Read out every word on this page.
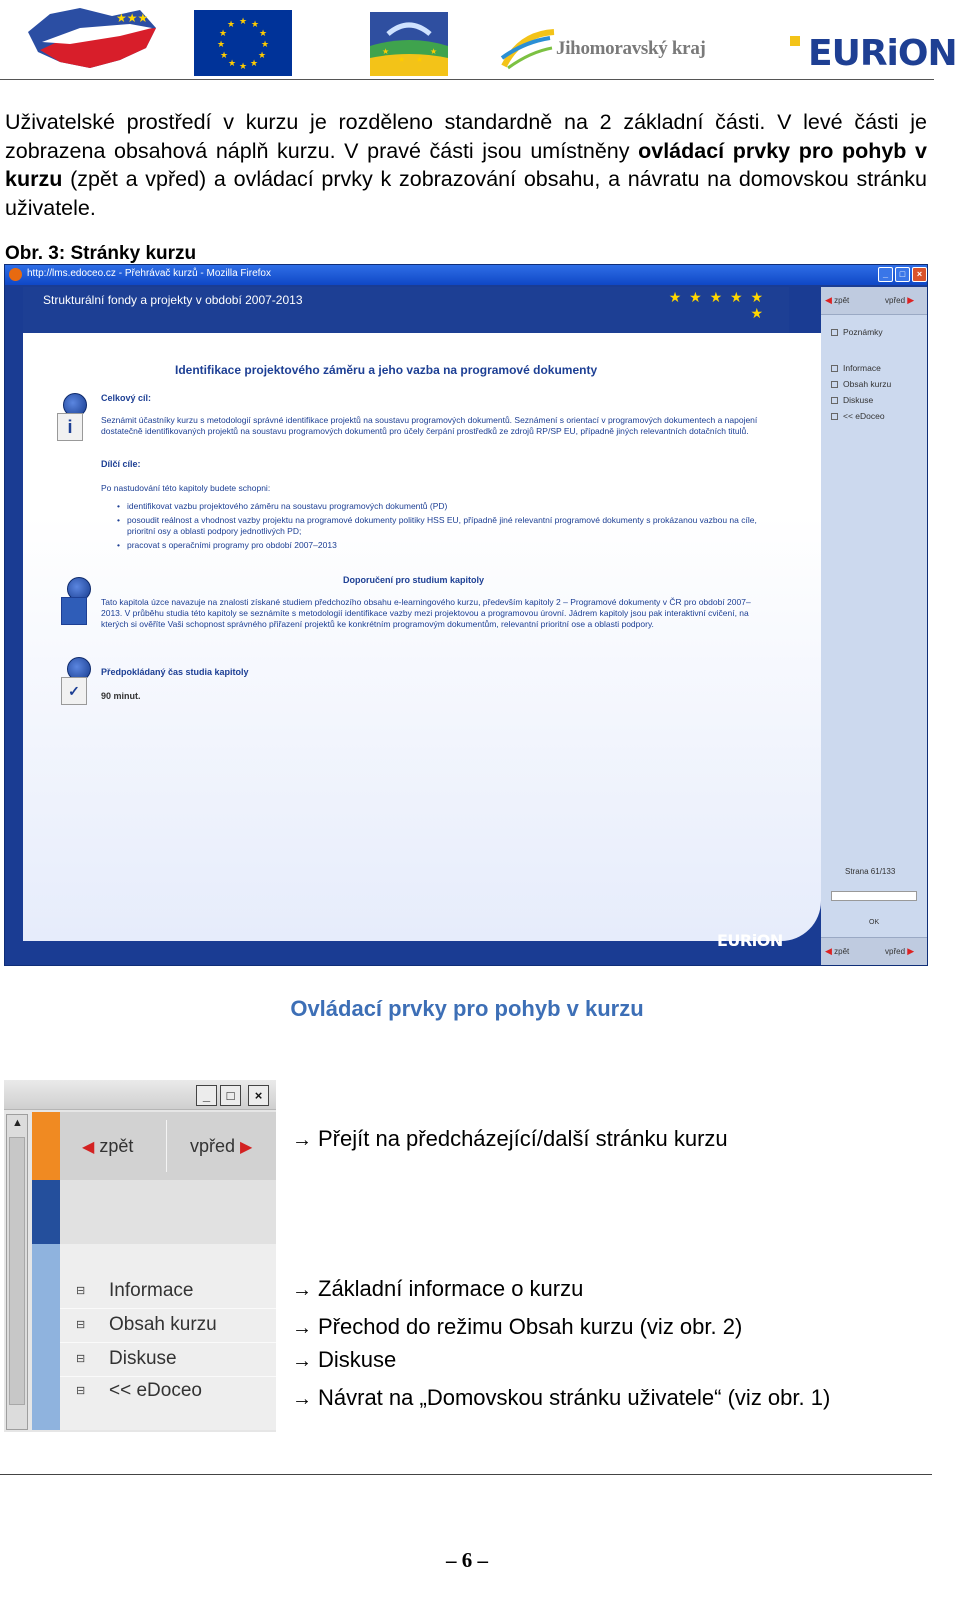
★★★	★ ★
★
★
★
★
★
★
★
★
★
★
★
★ ★
★	Jihomoravský kraj	EURiON

Uživatelské prostředí v kurzu je rozděleno standardně na 2 základní části. V levé části je zobrazena obsahová náplň kurzu. V pravé části jsou umístněny ovládací prvky pro pohyb v kurzu (zpět a vpřed) a ovládací prvky k zobrazování obsahu, a návratu na domovskou stránku uživatele.

Obr. 3: Stránky kurzu
http://lms.edoceo.cz - Přehrávač kurzů - Mozilla Firefox	_	□	×
Strukturální fondy a projekty v období 2007-2013	★ ★ ★ ★ ★ ★
Identifikace projektového záměru a jeho vazba na programové dokumenty
i
Celkový cíl:
Seznámit účastníky kurzu s metodologií správné identifikace projektů na soustavu programových dokumentů. Seznámení s orientací v programových dokumentech a napojení dostatečně identifikovaných projektů na soustavu programových dokumentů pro účely čerpání prostředků ze zdrojů RP/SP EU, případně jiných relevantních dotačních titulů.
Dílčí cíle:
Po nastudování této kapitoly budete schopni:
• identifikovat vazbu projektového záměru na soustavu programových dokumentů (PD)
• posoudit reálnost a vhodnost vazby projektu na programové dokumenty politiky HSS EU, případně jiné relevantní programové dokumenty s prokázanou vazbou na cíle, prioritní osy a oblasti podpory jednotlivých PD;
• pracovat s operačními programy pro období 2007–2013
Doporučení pro studium kapitoly
Tato kapitola úzce navazuje na znalosti získané studiem předchozího obsahu e-learningového kurzu, především kapitoly 2 – Programové dokumenty v ČR pro období 2007–2013. V průběhu studia této kapitoly se seznámíte s metodologií identifikace vazby mezi projektovou a programovou úrovní. Jádrem kapitoly jsou pak interaktivní cvičení, na kterých si ověříte Vaši schopnost správného přiřazení projektů ke konkrétním programovým dokumentům, relevantní prioritní ose a oblasti podpory.
✓
Předpokládaný čas studia kapitoly
90 minut.
◀ zpět	vpřed ▶
Poznámky
Informace
Obsah kurzu
Diskuse
<< eDoceo
Strana 61/133
OK
◀ zpět	vpřed ▶
EURiON
Ovládací prvky pro pohyb v kurzu
_	□	×
▲
◀ zpět	vpřed ▶
⊟ Informace
⊟ Obsah kurzu
⊟ Diskuse
⊟ << eDoceo
→ Přejít na předcházející/další stránku kurzu
→ Základní informace o kurzu
→ Přechod do režimu Obsah kurzu (viz obr. 2)
→ Diskuse
→ Návrat na „Domovskou stránku uživatele“ (viz obr. 1)
– 6 –
